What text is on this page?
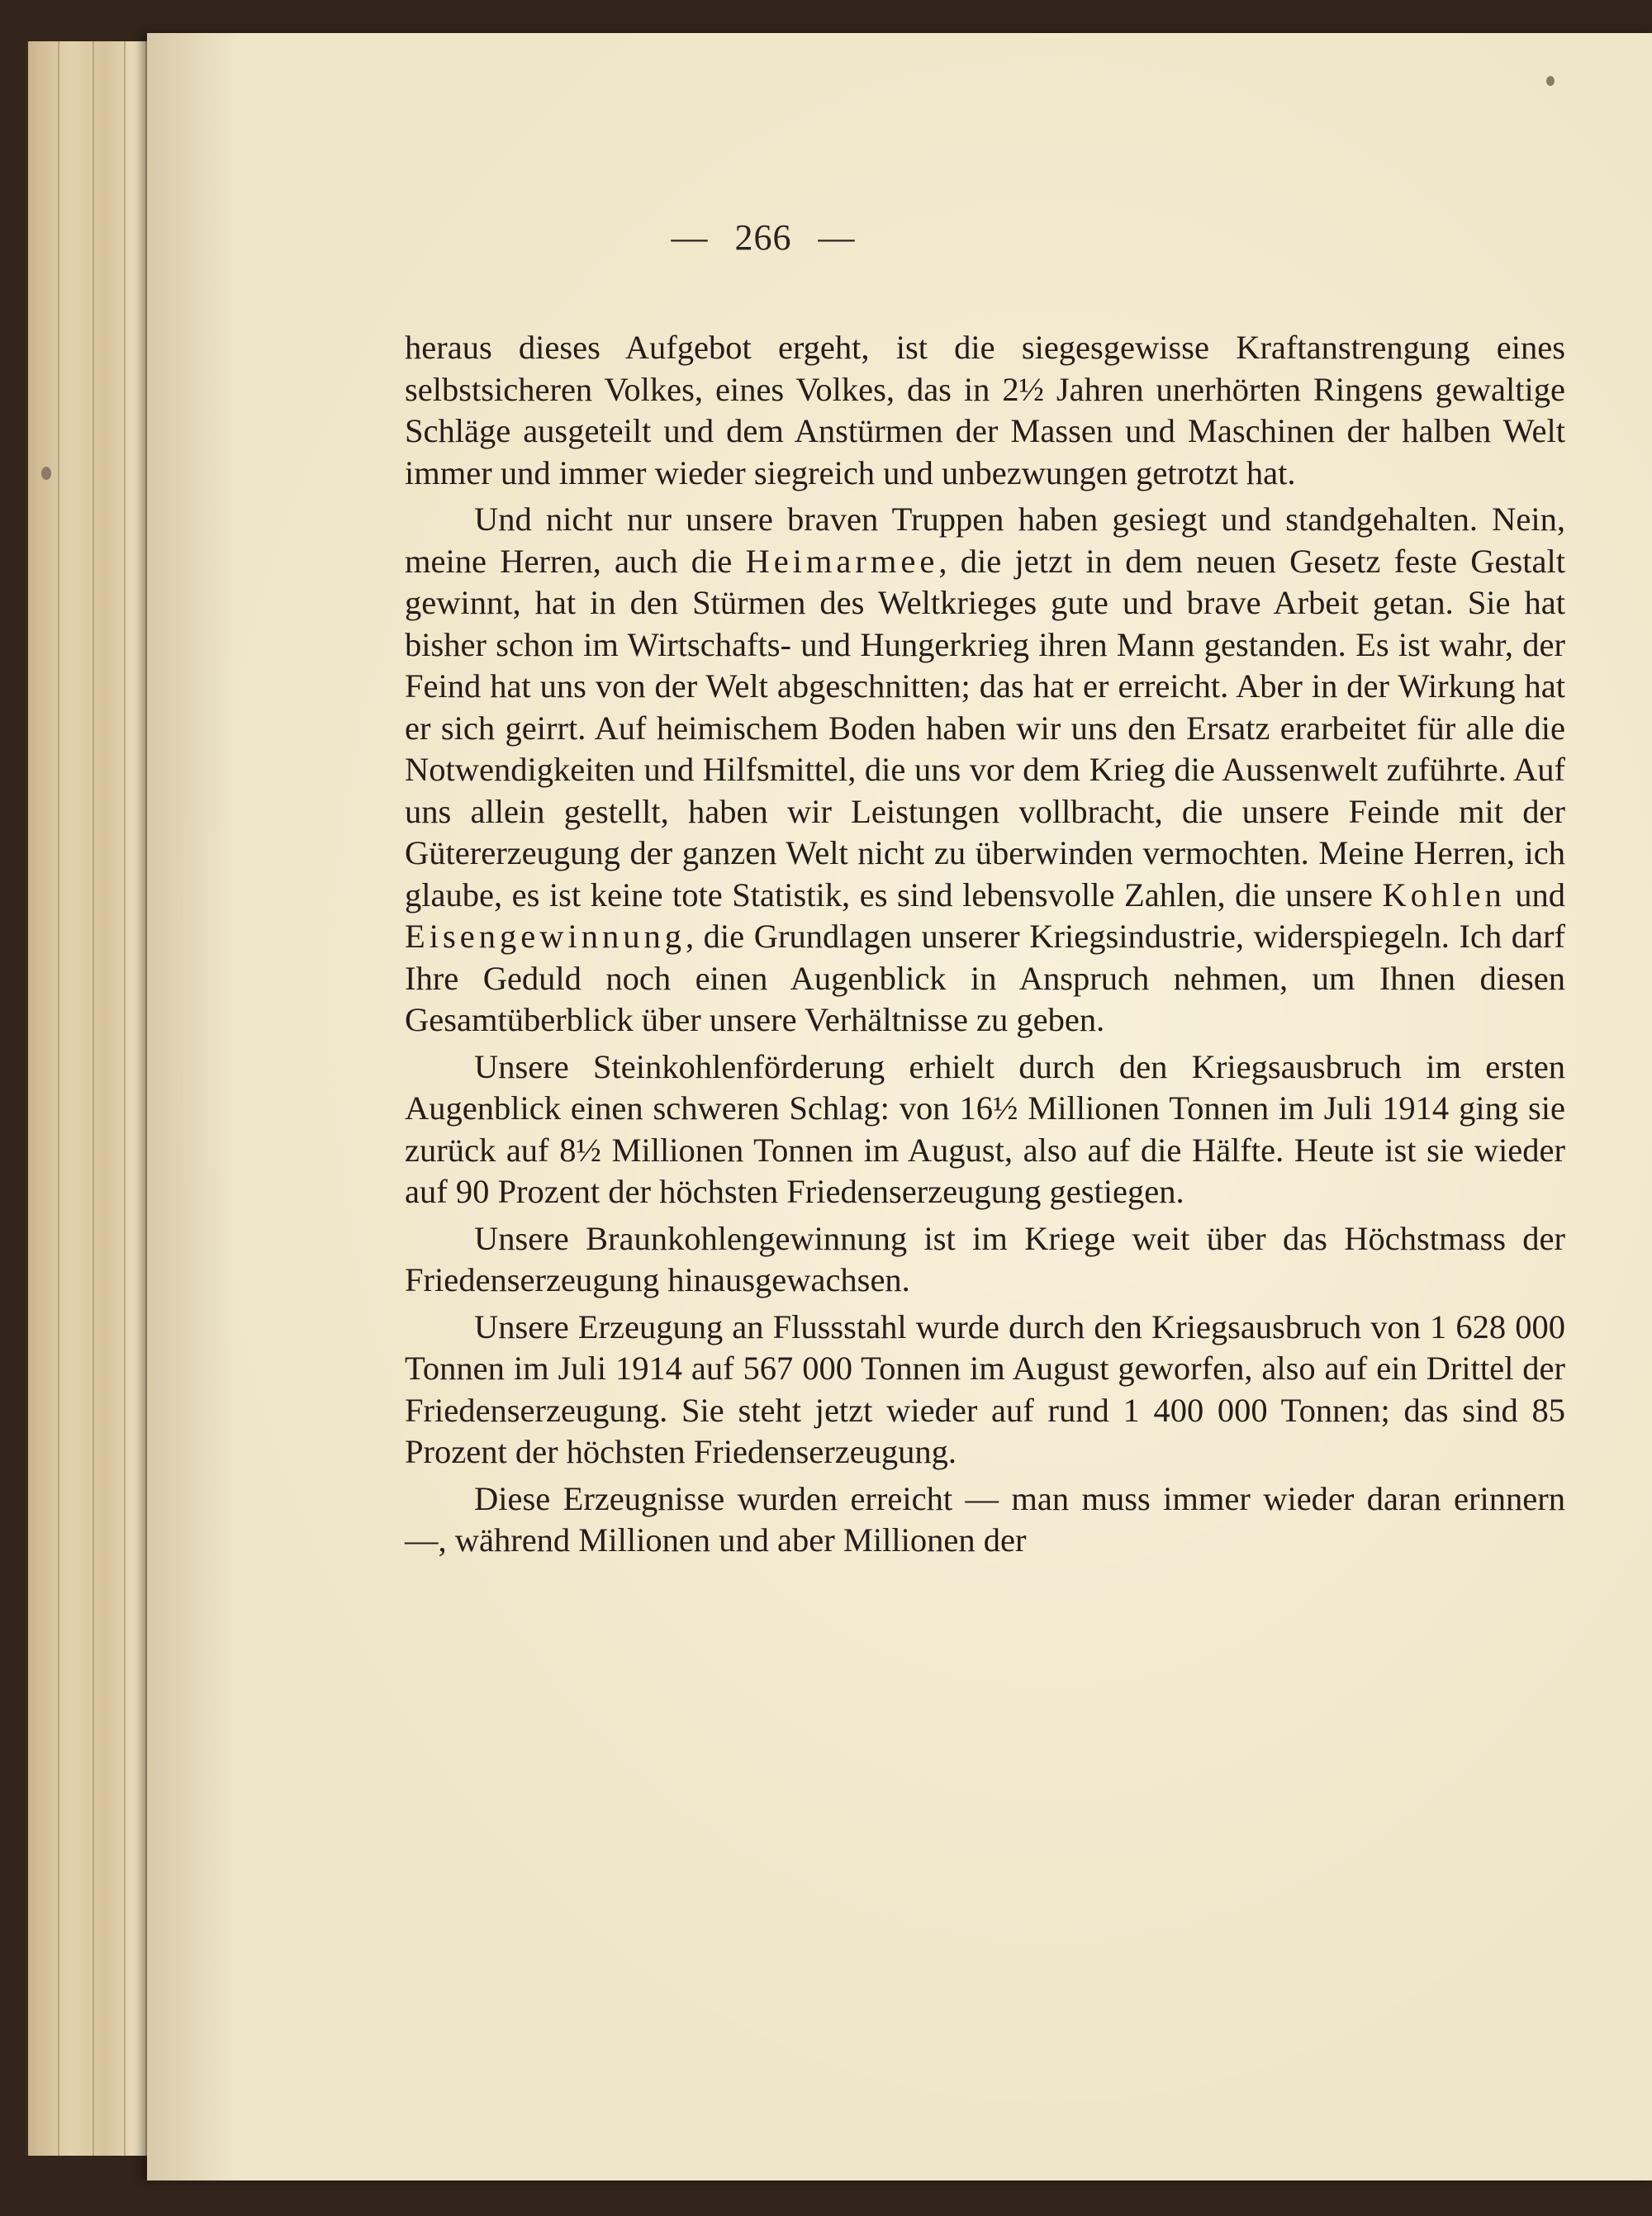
— 266 —

heraus dieses Aufgebot ergeht, ist die siegesgewisse Kraftanstrengung eines selbstsicheren Volkes, eines Volkes, das in 2½ Jahren unerhörten Ringens gewaltige Schläge ausgeteilt und dem Anstürmen der Massen und Maschinen der halben Welt immer und immer wieder siegreich und unbezwungen getrotzt hat.

Und nicht nur unsere braven Truppen haben gesiegt und standgehalten. Nein, meine Herren, auch die Heimarmee, die jetzt in dem neuen Gesetz feste Gestalt gewinnt, hat in den Stürmen des Weltkrieges gute und brave Arbeit getan. Sie hat bisher schon im Wirtschafts- und Hungerkrieg ihren Mann gestanden. Es ist wahr, der Feind hat uns von der Welt abgeschnitten; das hat er erreicht. Aber in der Wirkung hat er sich geirrt. Auf heimischem Boden haben wir uns den Ersatz erarbeitet für alle die Notwendigkeiten und Hilfsmittel, die uns vor dem Krieg die Aussenwelt zuführte. Auf uns allein gestellt, haben wir Leistungen vollbracht, die unsere Feinde mit der Gütererzeugung der ganzen Welt nicht zu überwinden vermochten. Meine Herren, ich glaube, es ist keine tote Statistik, es sind lebensvolle Zahlen, die unsere Kohlen und Eisengewinnung, die Grundlagen unserer Kriegsindustrie, widerspiegeln. Ich darf Ihre Geduld noch einen Augenblick in Anspruch nehmen, um Ihnen diesen Gesamtüberblick über unsere Verhältnisse zu geben.

Unsere Steinkohlenförderung erhielt durch den Kriegsausbruch im ersten Augenblick einen schweren Schlag: von 16½ Millionen Tonnen im Juli 1914 ging sie zurück auf 8½ Millionen Tonnen im August, also auf die Hälfte. Heute ist sie wieder auf 90 Prozent der höchsten Friedenserzeugung gestiegen.

Unsere Braunkohlengewinnung ist im Kriege weit über das Höchstmass der Friedenserzeugung hinausgewachsen.

Unsere Erzeugung an Flussstahl wurde durch den Kriegsausbruch von 1 628 000 Tonnen im Juli 1914 auf 567 000 Tonnen im August geworfen, also auf ein Drittel der Friedenserzeugung. Sie steht jetzt wieder auf rund 1 400 000 Tonnen; das sind 85 Prozent der höchsten Friedenserzeugung.

Diese Erzeugnisse wurden erreicht — man muss immer wieder daran erinnern —, während Millionen und aber Millionen der
